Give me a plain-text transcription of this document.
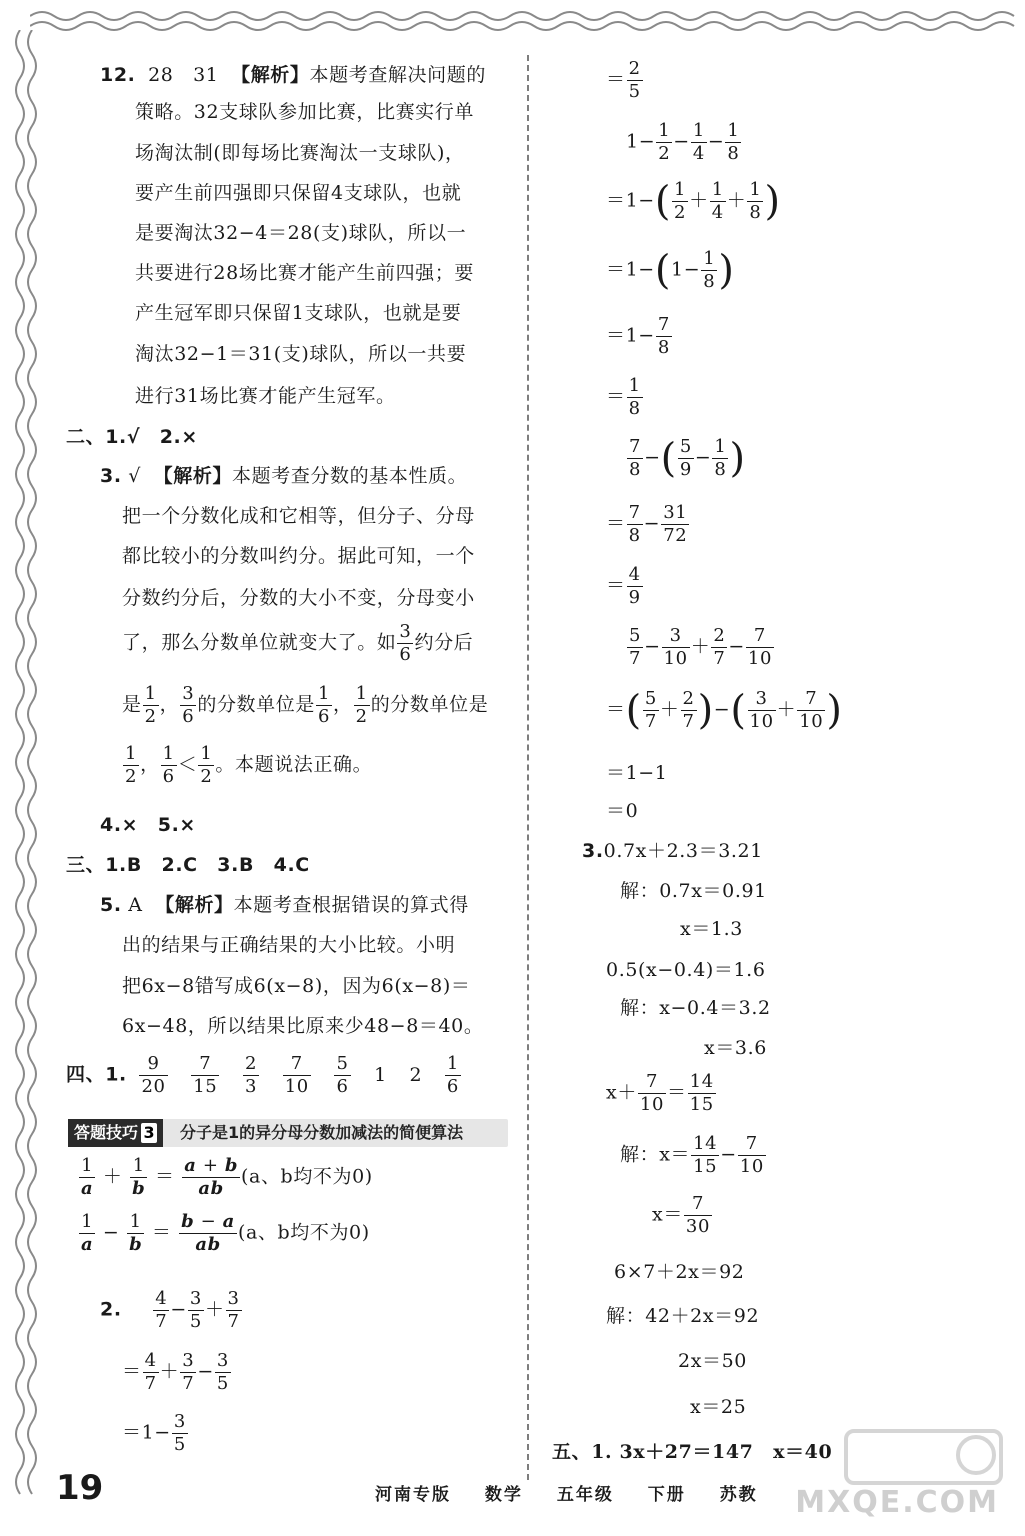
12. 28　31 【解析】本题考查解决问题的
策略。32支球队参加比赛，比赛实行单
场淘汰制(即每场比赛淘汰一支球队)，
要产生前四强即只保留4支球队，也就
是要淘汰32−4＝28(支)球队，所以一
共要进行28场比赛才能产生前四强；要
产生冠军即只保留1支球队，也就是要
淘汰32−1＝31(支)球队，所以一共要
进行31场比赛才能产生冠军。
二、1.√　2.×
3. √ 【解析】本题考查分数的基本性质。
把一个分数化成和它相等，但分子、分母
都比较小的分数叫约分。据此可知，一个
分数约分后，分数的大小不变，分母变小
了，那么分数单位就变大了。如 $\frac{3}{6}$ 约分后
是 $\frac{1}{2}$ ， $\frac{3}{6}$ 的分数单位是 $\frac{1}{6}$ ， $\frac{1}{2}$ 的分数单位是
$\frac{1}{2}$ ， $\frac{1}{6} < \frac{1}{2}$ 。本题说法正确。
4.×　5.×
三、1.B　2.C　3.B　4.C
5. A 【解析】本题考查根据错误的算式得
出的结果与正确结果的大小比较。小明
把6x−8错写成6(x−8)，因为6(x−8)＝
6x−48，所以结果比原来少48−8＝40。
四、1. $\frac{9}{20}$
$\frac{7}{15}$
$\frac{2}{3}$
$\frac{7}{10}$
$\frac{5}{6} 1$ $2 \frac{1}{6}$
答题技巧 3	分子是1的异分母分数加减法的简便算法
$\frac{1}{a} + \frac{1}{b} = \frac{a + b}{ab} (a$、b均不为0)
$\frac{1}{a} - \frac{1}{b} = \frac{b - a}{ab} (a$、b均不为0)
2. $\frac{4}{7} - \frac{3}{5} + \frac{3}{7}$
＝ $\frac{4}{7} + \frac{3}{7} - \frac{3}{5}$
$=1- \frac{3}{5}$
＝ $\frac{2}{5}$
$1- \frac{1}{2} - \frac{1}{4} - \frac{1}{8}$
$=1-( \frac{1}{2} + \frac{1}{4} + \frac{1}{8}$ )
$=1-(1- \frac{1}{8}$ )
$=1- \frac{7}{8}$
＝ $\frac{1}{8}$
$\frac{7}{8}$ −( $\frac{5}{9} - \frac{1}{8}$ )
＝ $\frac{7}{8} - \frac{31}{72}$
＝ $\frac{4}{9}$
$\frac{5}{7} - \frac{3}{10} + \frac{2}{7} - \frac{7}{10}$
＝( $\frac{5}{7} + \frac{2}{7}$ )−( $\frac{3}{10} + \frac{7}{10}$ )
＝1−1
＝0
3.0.7x＋2.3＝3.21
解：0.7x＝0.91
x＝1.3
0.5(x−0.4)＝1.6
解：x−0.4＝3.2
x＝3.6
$x+ \frac{7}{10} = \frac{14}{15}$
解：$x= \frac{14}{15} - \frac{7}{10}$
$x= \frac{7}{30}$
6×7＋2x＝92
解：42＋2x＝92
2x＝50
x＝25
五、1. 3x＋27＝147　x＝40
19	河南专版 数学 五年级 下册 苏教	MXQE.COM
